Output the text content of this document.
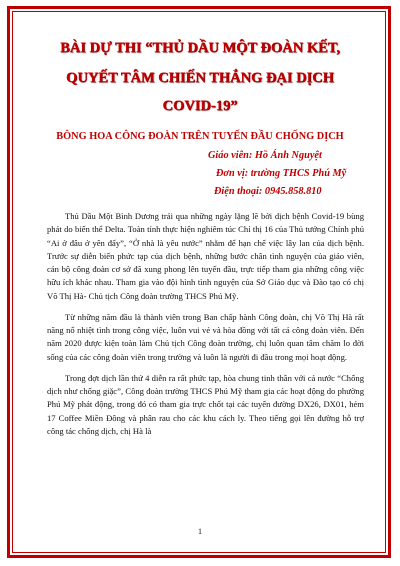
BÀI DỰ THI “THỦ DẦU MỘT ĐOÀN KẾT,
QUYẾT TÂM CHIẾN THẮNG ĐẠI DỊCH
COVID-19”
BÔNG HOA CÔNG ĐOÀN TRÊN TUYẾN ĐẦU CHỐNG DỊCH
Giáo viên: Hồ Ánh Nguyệt
Đơn vị: trường THCS Phú Mỹ
Điện thoại: 0945.858.810

Thủ Dầu Một Bình Dương trải qua những ngày lặng lẽ bởi dịch bệnh Covid-19 bùng phát do biến thể Delta. Toàn tỉnh thực hiện nghiêm túc Chỉ thị 16 của Thủ tướng Chính phủ “Ai ở đâu ở yên đấy”, “Ở nhà là yêu nước” nhằm để hạn chế việc lây lan của dịch bệnh. Trước sự diễn biến phức tạp của dịch bệnh, những bước chân tình nguyện của giáo viên, cán bộ công đoàn cơ sở đã xung phong lên tuyến đầu, trực tiếp tham gia những công việc hữu ích khác nhau. Tham gia vào đội hình tình nguyện của Sở Giáo dục và Đào tạo có chị Võ Thị Hà- Chủ tịch Công đoàn trường THCS Phú Mỹ.

Từ những năm đầu là thành viên trong Ban chấp hành Công đoàn, chị Võ Thị Hà rất năng nổ nhiệt tình trong công việc, luôn vui vẻ và hòa đồng với tất cả công đoàn viên. Đến năm 2020 được kiện toàn làm Chủ tịch Công đoàn trường, chị luôn quan tâm chăm lo đời sống của các công đoàn viên trong trường và luôn là người đi đầu trong mọi hoạt động.

Trong đợt dịch lần thứ 4 diễn ra rất phức tạp, hòa chung tinh thần với cả nước “Chống dịch như chống giặc”, Công đoàn trường THCS Phú Mỹ tham gia các hoạt động do phường Phú Mỹ phát động, trong đó có tham gia trực chốt tại các tuyến đường DX26, DX01, hẻm 17 Coffee Miền Đông và phân rau cho các khu cách ly. Theo tiếng gọi lên đường hỗ trợ công tác chống dịch, chị Hà là

1
